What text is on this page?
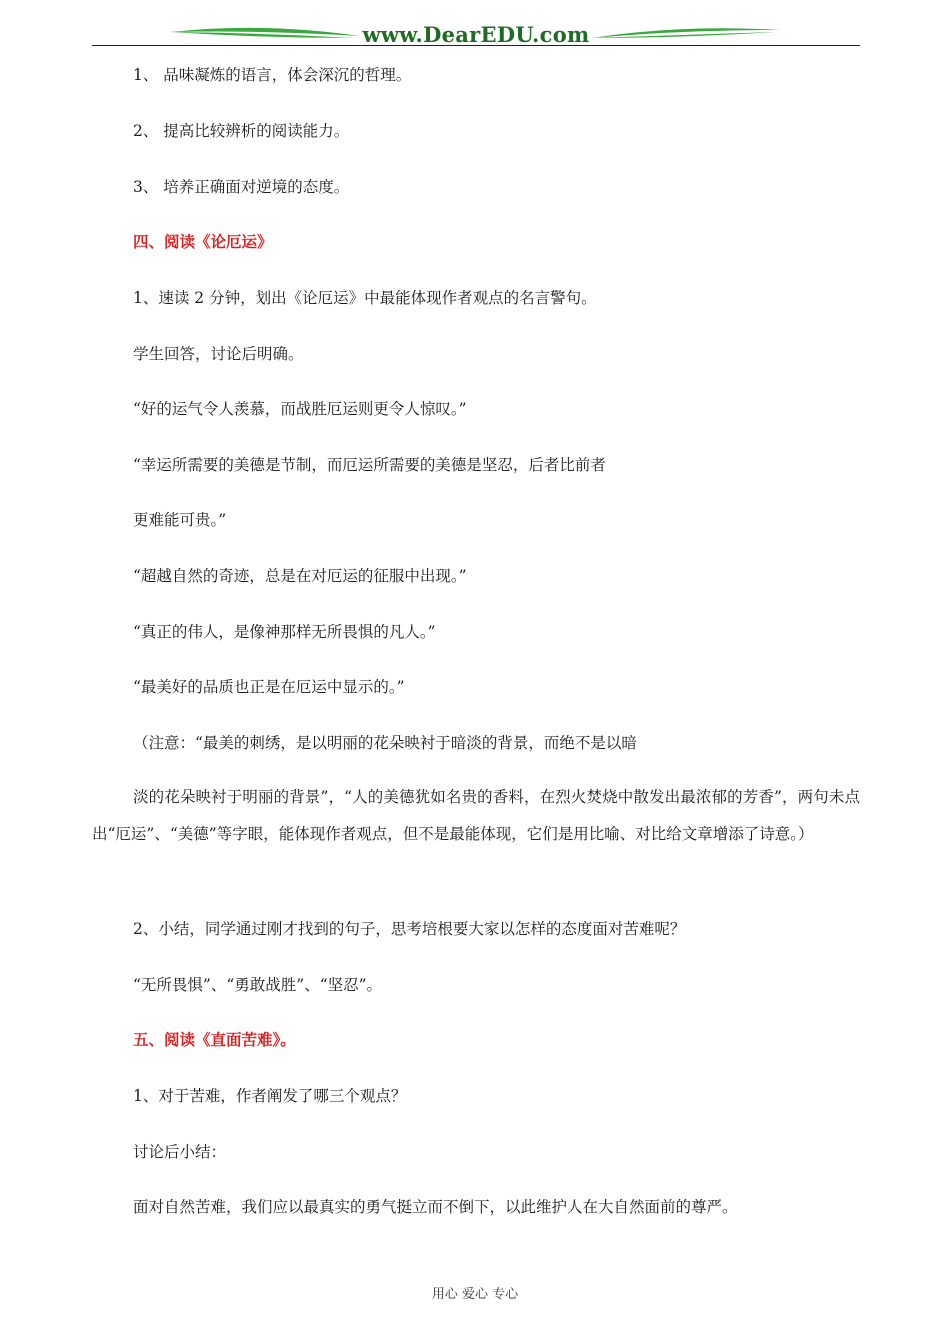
www.DearEDU.com
1、 品味凝炼的语言，体会深沉的哲理。
2、 提高比较辨析的阅读能力。
3、 培养正确面对逆境的态度。
四、阅读《论厄运》
1、速读 2 分钟，划出《论厄运》中最能体现作者观点的名言警句。
学生回答，讨论后明确。
“好的运气令人羡慕，而战胜厄运则更令人惊叹。”
“幸运所需要的美德是节制，而厄运所需要的美德是坚忍，后者比前者
更难能可贵。”
“超越自然的奇迹，总是在对厄运的征服中出现。”
“真正的伟人，是像神那样无所畏惧的凡人。”
“最美好的品质也正是在厄运中显示的。”
（注意：“最美的刺绣，是以明丽的花朵映衬于暗淡的背景，而绝不是以暗
淡的花朵映衬于明丽的背景”，“人的美德犹如名贵的香料，在烈火焚烧中散发出最浓郁的芳香”，两句未点出“厄运”、“美德”等字眼，能体现作者观点，但不是最能体现，它们是用比喻、对比给文章增添了诗意。）
2、小结，同学通过刚才找到的句子，思考培根要大家以怎样的态度面对苦难呢？
“无所畏惧”、“勇敢战胜”、“坚忍”。
五、阅读《直面苦难》。
1、对于苦难，作者阐发了哪三个观点？
讨论后小结：
面对自然苦难，我们应以最真实的勇气挺立而不倒下，以此维护人在大自然面前的尊严。
用心 爱心 专心
